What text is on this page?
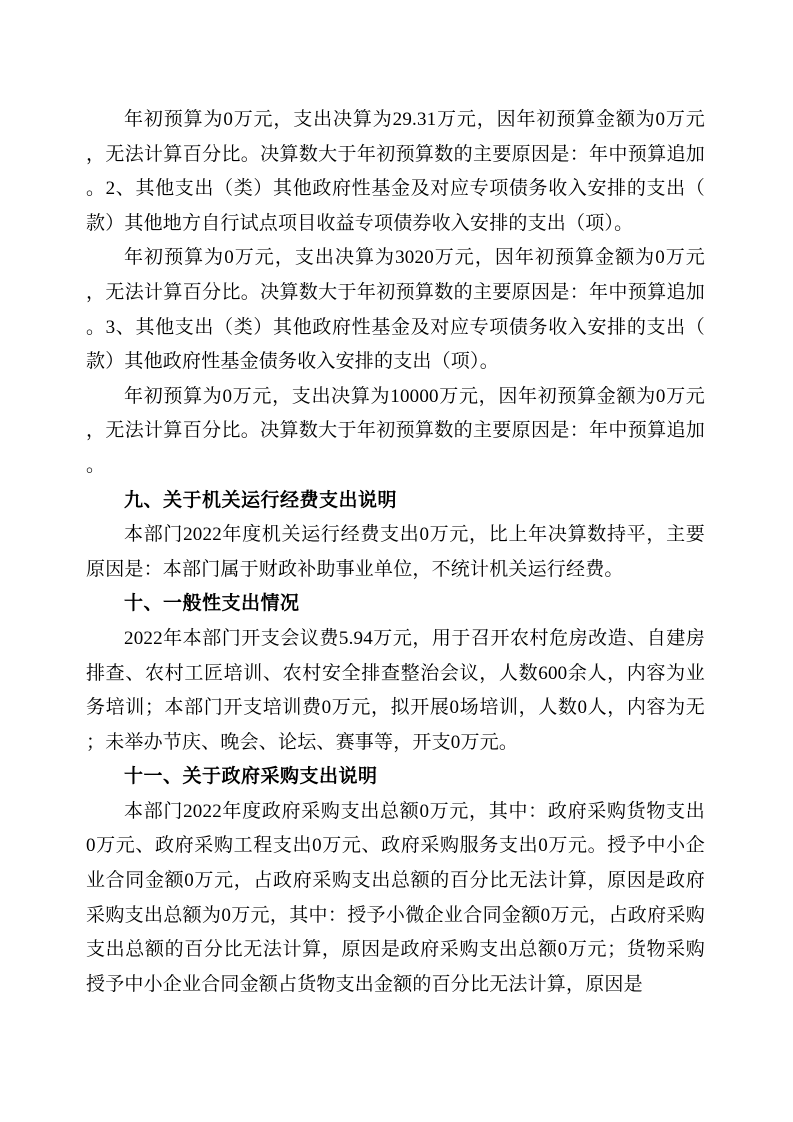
年初预算为0万元，支出决算为29.31万元，因年初预算金额为0万元
，无法计算百分比。决算数大于年初预算数的主要原因是：年中预算追加
。2、其他支出（类）其他政府性基金及对应专项债务收入安排的支出（
款）其他地方自行试点项目收益专项债券收入安排的支出（项）。
年初预算为0万元，支出决算为3020万元，因年初预算金额为0万元
，无法计算百分比。决算数大于年初预算数的主要原因是：年中预算追加
。3、其他支出（类）其他政府性基金及对应专项债务收入安排的支出（
款）其他政府性基金债务收入安排的支出（项）。
年初预算为0万元，支出决算为10000万元，因年初预算金额为0万元
，无法计算百分比。决算数大于年初预算数的主要原因是：年中预算追加
。
九、关于机关运行经费支出说明
本部门2022年度机关运行经费支出0万元，比上年决算数持平，主要
原因是：本部门属于财政补助事业单位，不统计机关运行经费。
十、一般性支出情况
2022年本部门开支会议费5.94万元，用于召开农村危房改造、自建房
排查、农村工匠培训、农村安全排查整治会议，人数600余人，内容为业
务培训；本部门开支培训费0万元，拟开展0场培训，人数0人，内容为无
；未举办节庆、晚会、论坛、赛事等，开支0万元。
十一、关于政府采购支出说明
本部门2022年度政府采购支出总额0万元，其中：政府采购货物支出
0万元、政府采购工程支出0万元、政府采购服务支出0万元。授予中小企
业合同金额0万元，占政府采购支出总额的百分比无法计算，原因是政府
采购支出总额为0万元，其中：授予小微企业合同金额0万元，占政府采购
支出总额的百分比无法计算，原因是政府采购支出总额0万元；货物采购
授予中小企业合同金额占货物支出金额的百分比无法计算，原因是
